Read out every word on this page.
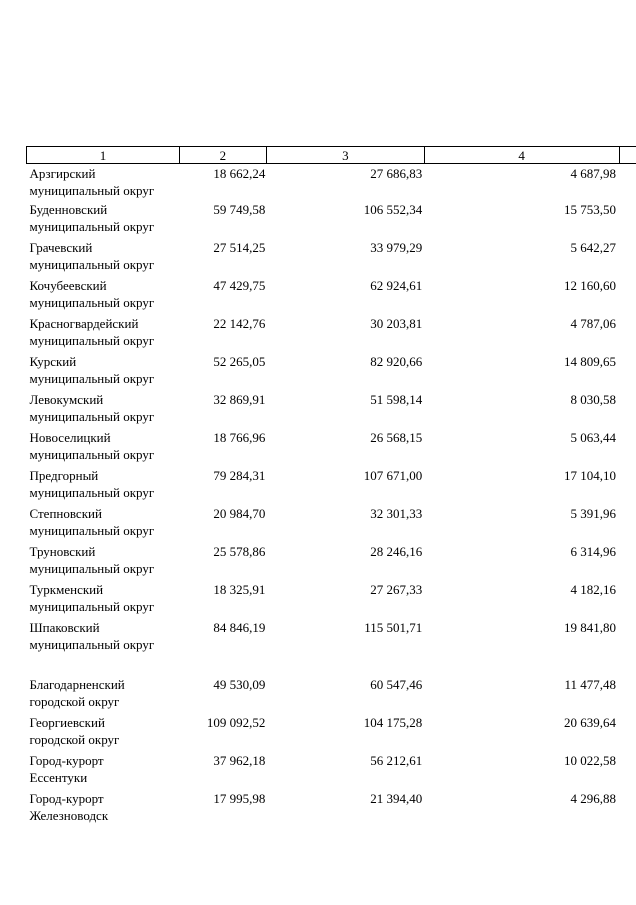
1	2	3	4	

Арзгирский
муниципальный округ	18 662,24	27 686,83	4 687,98	

Буденновский
муниципальный округ	59 749,58	106 552,34	15 753,50	

Грачевский
муниципальный округ	27 514,25	33 979,29	5 642,27	

Кочубеевский
муниципальный округ	47 429,75	62 924,61	12 160,60	

Красногвардейский
муниципальный округ	22 142,76	30 203,81	4 787,06	

Курский
муниципальный округ	52 265,05	82 920,66	14 809,65	

Левокумский
муниципальный округ	32 869,91	51 598,14	8 030,58	

Новоселицкий
муниципальный округ	18 766,96	26 568,15	5 063,44	

Предгорный
муниципальный округ	79 284,31	107 671,00	17 104,10	

Степновский
муниципальный округ	20 984,70	32 301,33	5 391,96	

Труновский
муниципальный округ	25 578,86	28 246,16	6 314,96	

Туркменский
муниципальный округ	18 325,91	27 267,33	4 182,16	

Шпаковский
муниципальный округ	84 846,19	115 501,71	19 841,80	

Благодарненский
городской округ	49 530,09	60 547,46	11 477,48	

Георгиевский
городской округ	109 092,52	104 175,28	20 639,64	

Город-курорт
Ессентуки	37 962,18	56 212,61	10 022,58	

Город-курорт
Железноводск	17 995,98	21 394,40	4 296,88	
